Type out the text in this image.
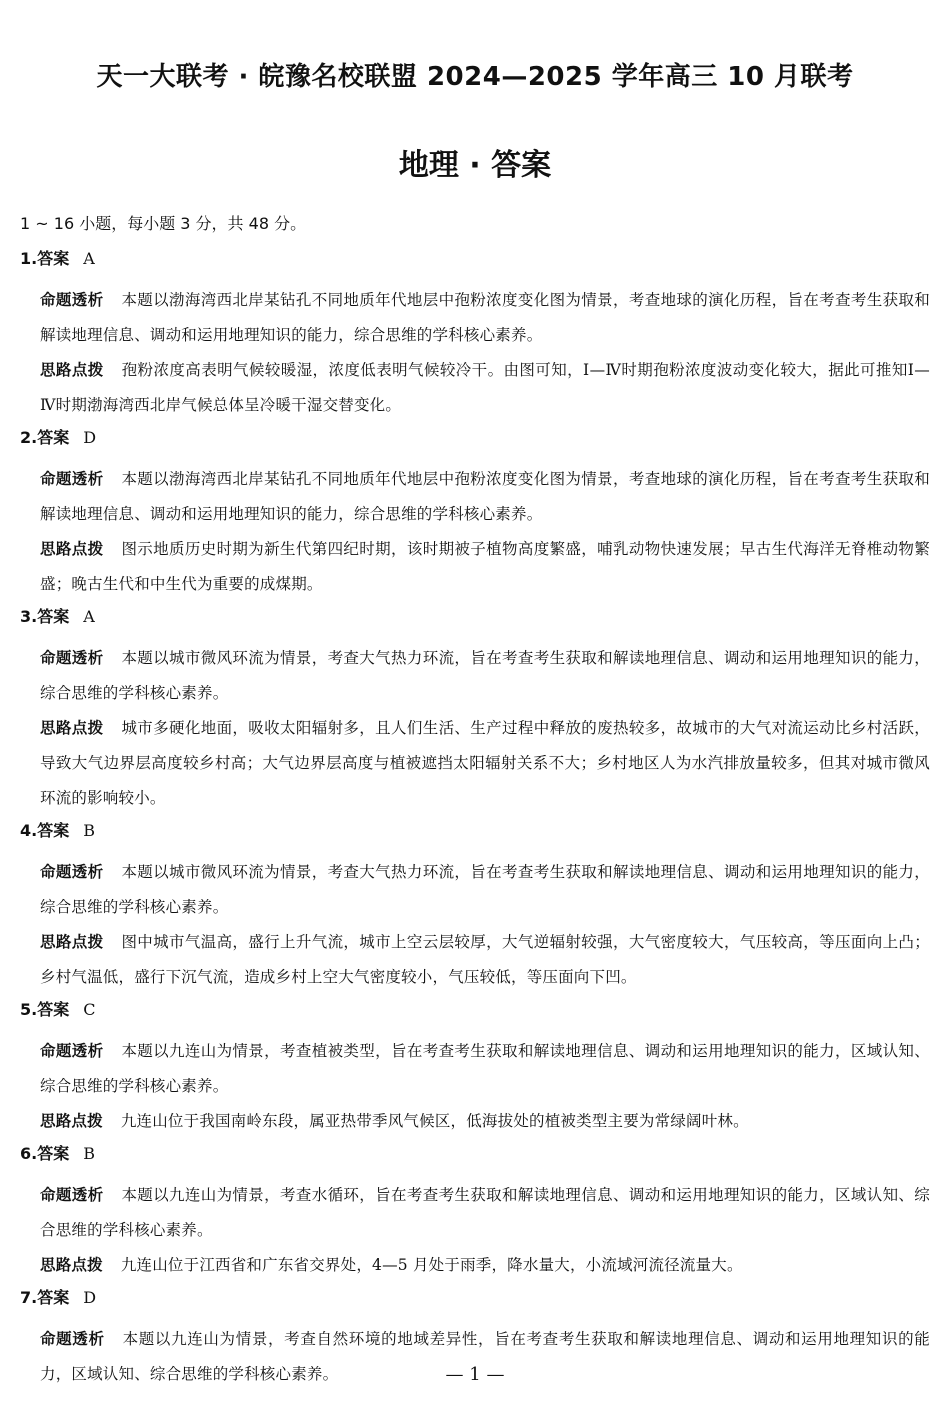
天一大联考 · 皖豫名校联盟 2024—2025 学年高三 10 月联考
地理 · 答案

1 ~ 16 小题，每小题 3 分，共 48 分。

1.答案 A

命题透析 本题以渤海湾西北岸某钻孔不同地质年代地层中孢粉浓度变化图为情景，考查地球的演化历程，旨在考查考生获取和解读地理信息、调动和运用地理知识的能力，综合思维的学科核心素养。

思路点拨 孢粉浓度高表明气候较暖湿，浓度低表明气候较冷干。由图可知，Ⅰ—Ⅳ时期孢粉浓度波动变化较大，据此可推知Ⅰ—Ⅳ时期渤海湾西北岸气候总体呈冷暖干湿交替变化。

2.答案 D

命题透析 本题以渤海湾西北岸某钻孔不同地质年代地层中孢粉浓度变化图为情景，考查地球的演化历程，旨在考查考生获取和解读地理信息、调动和运用地理知识的能力，综合思维的学科核心素养。

思路点拨 图示地质历史时期为新生代第四纪时期，该时期被子植物高度繁盛，哺乳动物快速发展；早古生代海洋无脊椎动物繁盛；晚古生代和中生代为重要的成煤期。

3.答案 A

命题透析 本题以城市微风环流为情景，考查大气热力环流，旨在考查考生获取和解读地理信息、调动和运用地理知识的能力，综合思维的学科核心素养。

思路点拨 城市多硬化地面，吸收太阳辐射多，且人们生活、生产过程中释放的废热较多，故城市的大气对流运动比乡村活跃，导致大气边界层高度较乡村高；大气边界层高度与植被遮挡太阳辐射关系不大；乡村地区人为水汽排放量较多，但其对城市微风环流的影响较小。

4.答案 B

命题透析 本题以城市微风环流为情景，考查大气热力环流，旨在考查考生获取和解读地理信息、调动和运用地理知识的能力，综合思维的学科核心素养。

思路点拨 图中城市气温高，盛行上升气流，城市上空云层较厚，大气逆辐射较强，大气密度较大，气压较高，等压面向上凸；乡村气温低，盛行下沉气流，造成乡村上空大气密度较小，气压较低，等压面向下凹。

5.答案 C

命题透析 本题以九连山为情景，考查植被类型，旨在考查考生获取和解读地理信息、调动和运用地理知识的能力，区域认知、综合思维的学科核心素养。

思路点拨 九连山位于我国南岭东段，属亚热带季风气候区，低海拔处的植被类型主要为常绿阔叶林。

6.答案 B

命题透析 本题以九连山为情景，考查水循环，旨在考查考生获取和解读地理信息、调动和运用地理知识的能力，区域认知、综合思维的学科核心素养。

思路点拨 九连山位于江西省和广东省交界处，4—5 月处于雨季，降水量大，小流域河流径流量大。

7.答案 D

命题透析 本题以九连山为情景，考查自然环境的地域差异性，旨在考查考生获取和解读地理信息、调动和运用地理知识的能力，区域认知、综合思维的学科核心素养。	— 1 —
